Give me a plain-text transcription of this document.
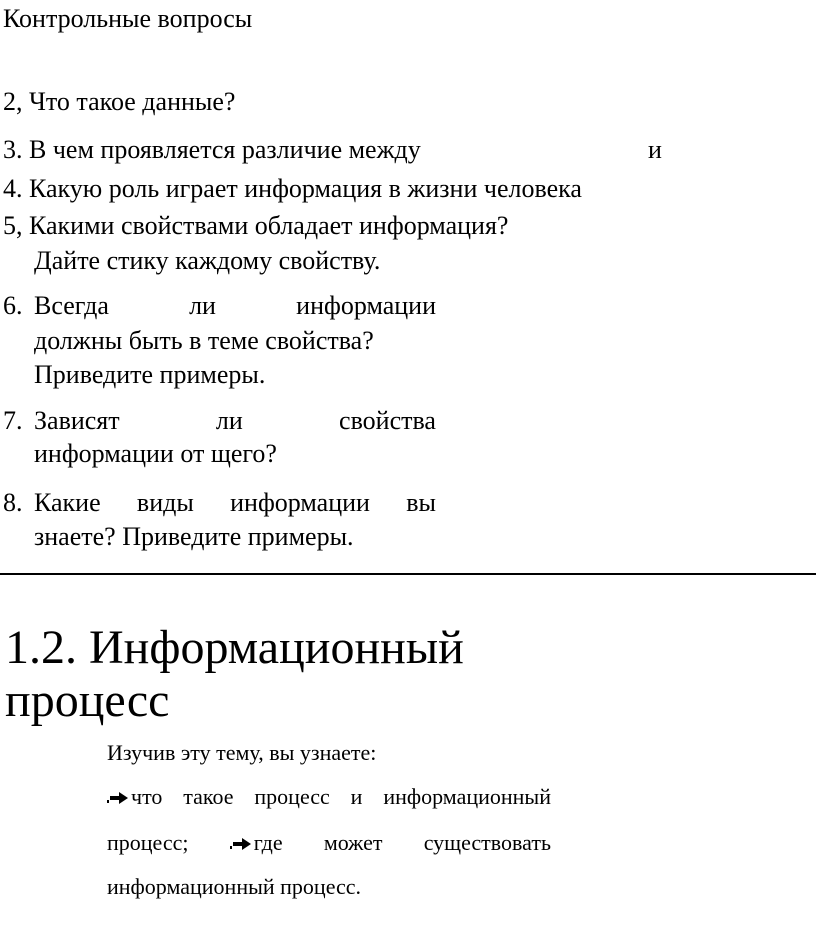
Контрольные вопросы
2, Что такое данные?
3. В чем проявляется различие между	и
4. Какую роль играет информация в жизни человека
5, Какими свойствами обладает информация?
Дайте стику каждому свойству.
6. Всегда	ли	информации
должны быть в теме свойства?
Приведите примеры.
7. Зависят	ли	свойства
информации от щего?
8. Какие виды информации вы
знаете? Приведите примеры.
1.2. Информационный
процесс
Изучив эту тему, вы узнаете:
что такое процесс и информационный
процесс;	где может существовать
информационный процесс.
